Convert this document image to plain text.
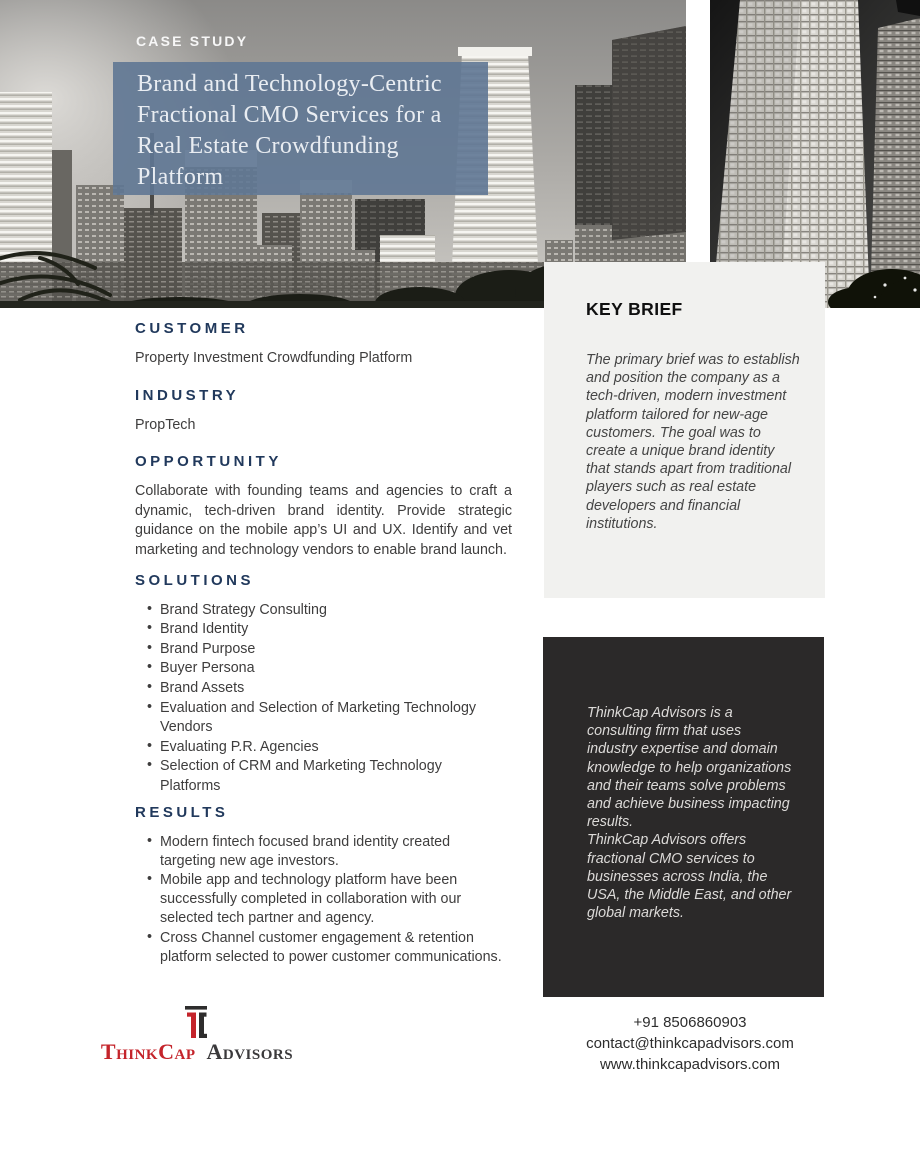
CASE STUDY
Brand and Technology-Centric Fractional CMO Services for a Real Estate Crowdfunding Platform
CUSTOMER

Property Investment Crowdfunding Platform

INDUSTRY

PropTech

OPPORTUNITY

Collaborate with founding teams and agencies to craft a dynamic, tech-driven brand identity. Provide strategic guidance on the mobile app’s UI and UX. Identify and vet marketing and technology vendors to enable brand launch.

SOLUTIONS
• Brand Strategy Consulting
• Brand Identity
• Brand Purpose
• Buyer Persona
• Brand Assets
• Evaluation and Selection of Marketing Technology Vendors
• Evaluating P.R. Agencies
• Selection of CRM and Marketing Technology Platforms
RESULTS
• Modern fintech focused brand identity created targeting new age investors.
• Mobile app and technology platform have been successfully completed in collaboration with our selected tech partner and agency.
• Cross Channel customer engagement & retention platform selected to power customer communications.
KEY BRIEF

The primary brief was to establish and position the company as a tech-driven, modern investment platform tailored for new-age customers. The goal was to create a unique brand identity that stands apart from traditional players such as real estate developers and financial institutions.

ThinkCap Advisors is a consulting firm that uses industry expertise and domain knowledge to help organizations and their teams solve problems and achieve business impacting results.

ThinkCap Advisors offers fractional CMO services to businesses across India, the USA, the Middle East, and other global markets.

+91 8506860903
contact@thinkcapadvisors.com
www.thinkcapadvisors.com
ThinkCap Advisors
